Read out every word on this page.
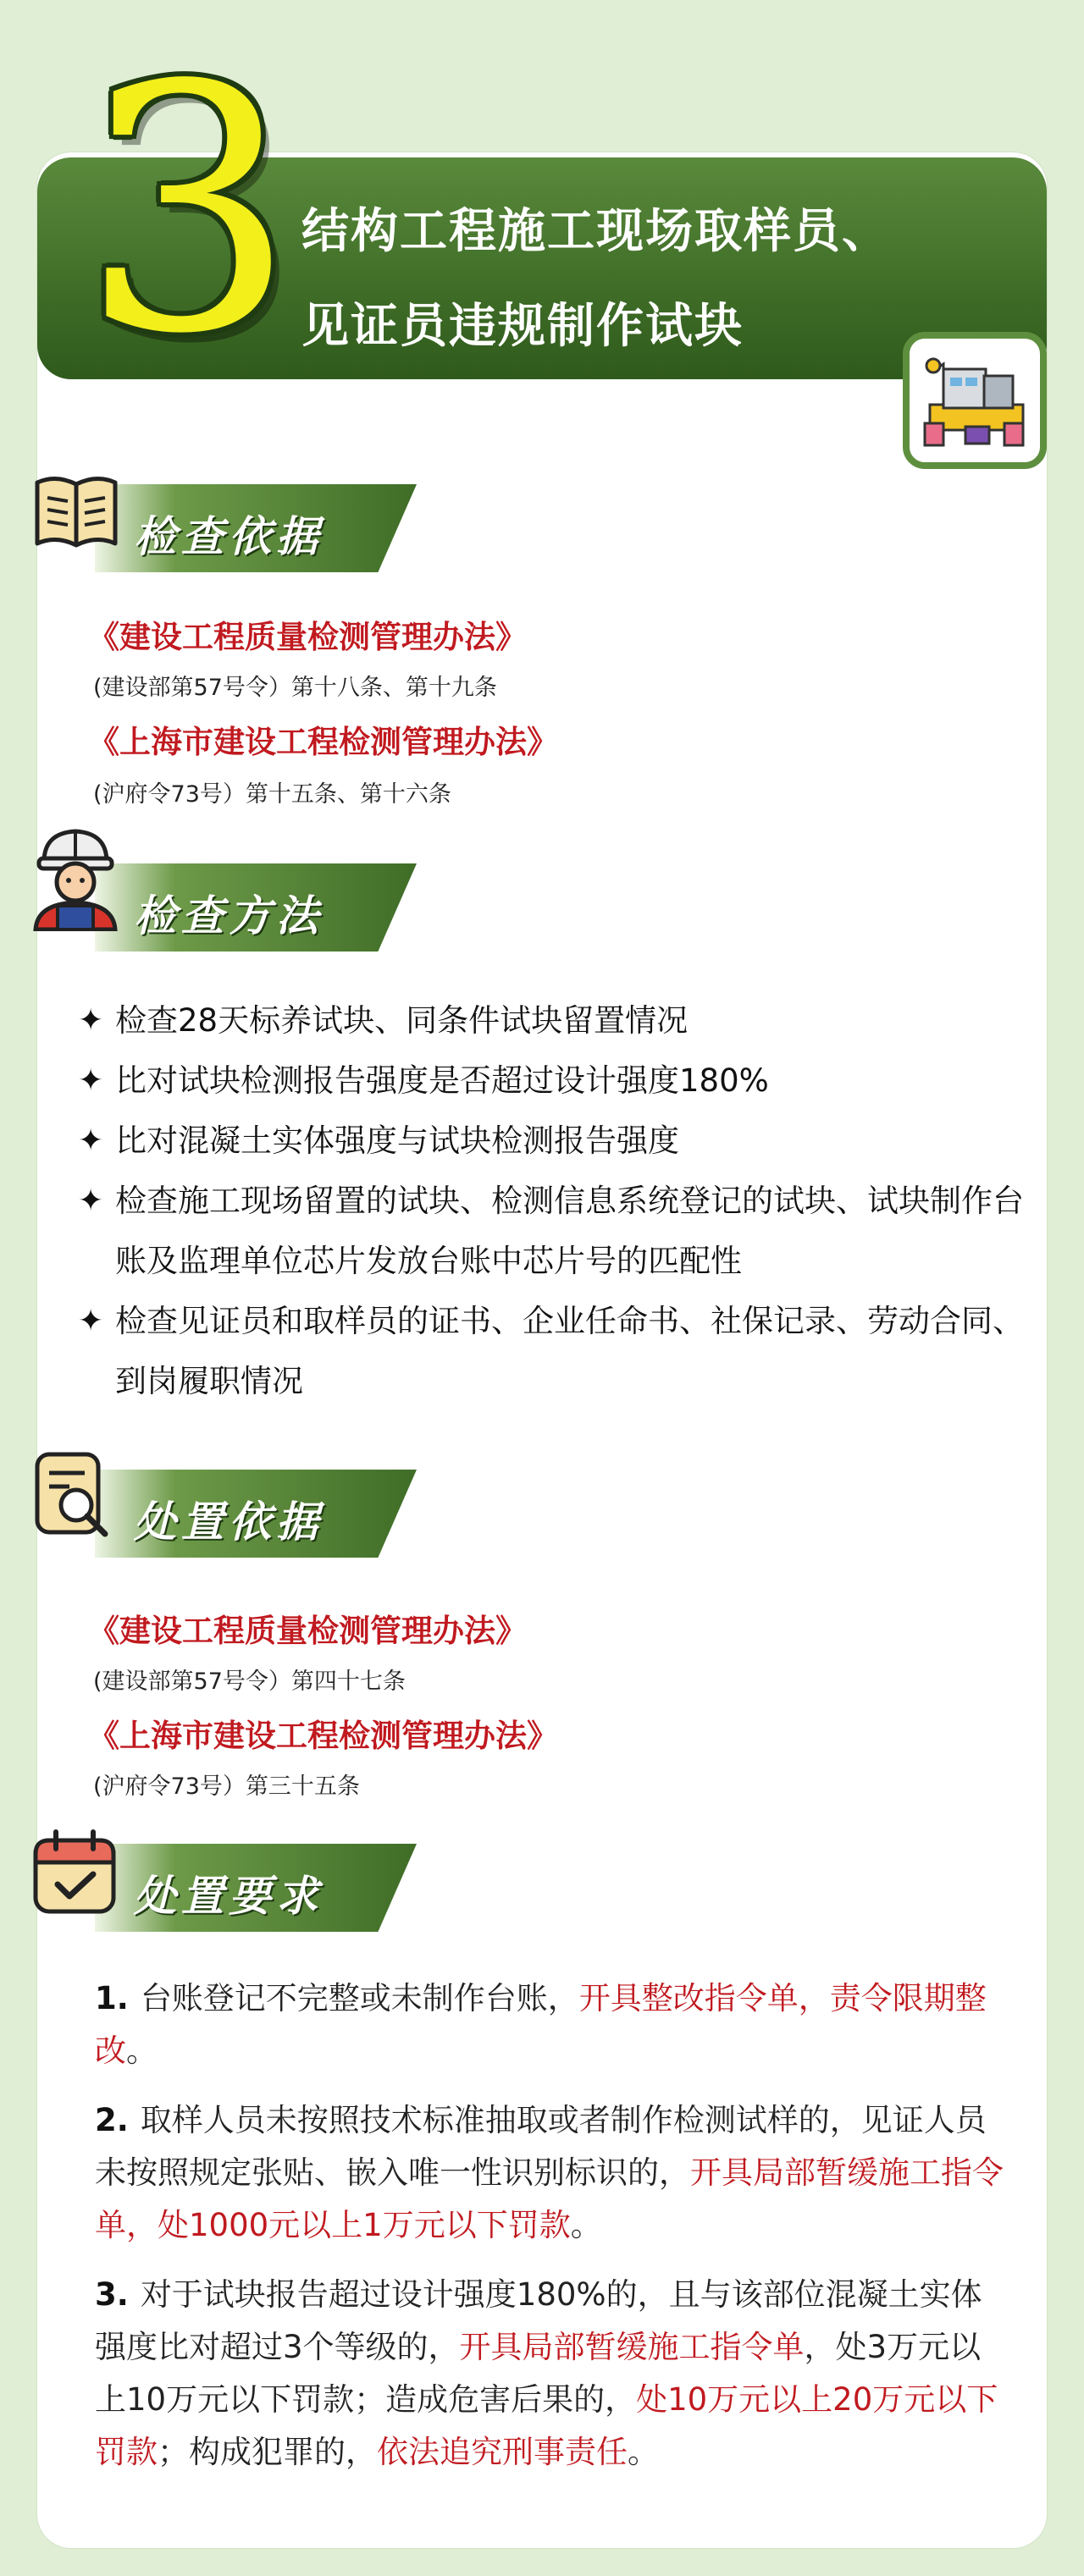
3 结构工程施工现场取样员、
见证员违规制作试块
检查依据
《建设工程质量检测管理办法》
(建设部第57号令）第十八条、第十九条
《上海市建设工程检测管理办法》
(沪府令73号）第十五条、第十六条
检查方法
✦ 检查28天标养试块、同条件试块留置情况
✦ 比对试块检测报告强度是否超过设计强度180%
✦ 比对混凝土实体强度与试块检测报告强度
✦ 检查施工现场留置的试块、检测信息系统登记的试块、试块制作台账及监理单位芯片发放台账中芯片号的匹配性
✦ 检查见证员和取样员的证书、企业任命书、社保记录、劳动合同、到岗履职情况
处置依据
《建设工程质量检测管理办法》
(建设部第57号令）第四十七条
《上海市建设工程检测管理办法》
(沪府令73号）第三十五条
处置要求
1. 台账登记不完整或未制作台账，开具整改指令单，责令限期整改。
2. 取样人员未按照技术标准抽取或者制作检测试样的，见证人员未按照规定张贴、嵌入唯一性识别标识的，开具局部暂缓施工指令单，处1000元以上1万元以下罚款。
3. 对于试块报告超过设计强度180%的，且与该部位混凝土实体强度比对超过3个等级的，开具局部暂缓施工指令单，处3万元以上10万元以下罚款；造成危害后果的，处10万元以上20万元以下罚款；构成犯罪的，依法追究刑事责任。
